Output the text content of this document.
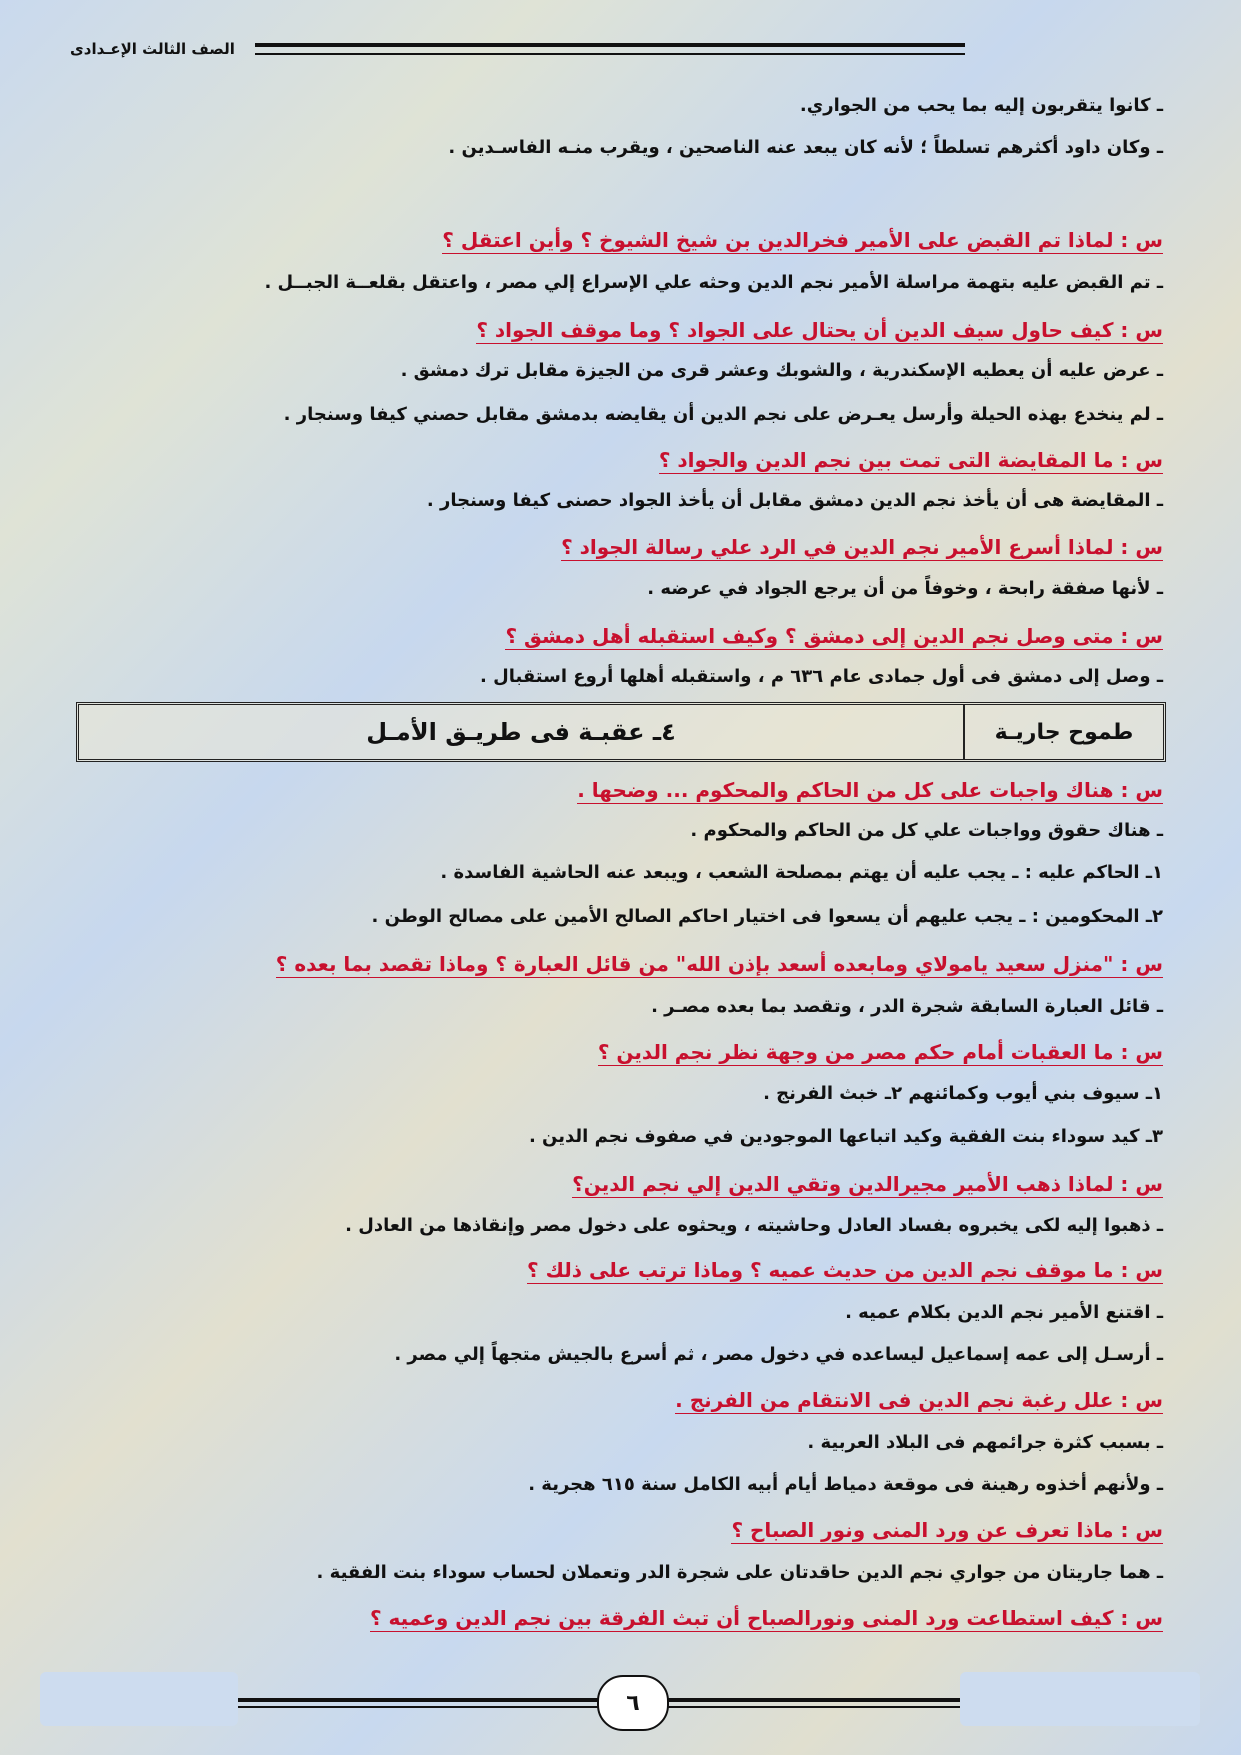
الصف الثالث الإعـدادى
ـ كانوا يتقربون إليه بما يحب من الجواري.
ـ وكان داود أكثرهم تسلطاً ؛ لأنه كان يبعد عنه الناصحين ، ويقرب منـه الفاسـدين .
س : لماذا تم القبض على الأمير فخرالدين بن شيخ الشيوخ ؟ وأين اعتقل ؟
ـ تم القبض عليه بتهمة مراسلة الأمير نجم الدين وحثه علي الإسراع إلي مصر ، واعتقل بقلعــة الجبــل .
س : كيف حاول سيف الدين أن يحتال على الجواد ؟ وما موقف الجواد ؟
ـ عرض عليه أن يعطيه الإسكندرية ، والشوبك وعشر قرى من الجيزة مقابل ترك دمشق .
ـ لم ينخدع بهذه الحيلة وأرسل يعـرض على نجم الدين أن يقايضه بدمشق مقابل حصني كيفا وسنجار .
س : ما المقايضة التى تمت بين نجم الدين والجواد ؟
ـ المقايضة هى أن يأخذ نجم الدين دمشق مقابل أن يأخذ الجواد حصنى كيفا وسنجار .
س : لماذا أسرع الأمير نجم الدين في الرد علي رسالة الجواد ؟
ـ لأنها صفقة رابحة ، وخوفاً من أن يرجع الجواد في عرضه .
س : متى وصل نجم الدين إلى دمشق ؟ وكيف استقبله أهل دمشق ؟
ـ وصل إلى دمشق فى أول جمادى عام ٦٣٦ م ، واستقبله أهلها أروع استقبال .
طموح جاريـة
٤ـ عقبـة فى طريـق الأمـل
س : هناك واجبات على كل من الحاكم والمحكوم ... وضحها .
ـ هناك حقوق وواجبات علي كل من الحاكم والمحكوم .
١ـ الحاكم عليه : ـ يجب عليه أن يهتم بمصلحة الشعب ، ويبعد عنه الحاشية الفاسدة .
٢ـ المحكومين : ـ يجب عليهم أن يسعوا فى اختيار احاكم الصالح الأمين على مصالح الوطن .
س : "منزل سعيد يامولاي ومابعده أسعد بإذن الله" من قائل العبارة ؟ وماذا تقصد بما بعده ؟
ـ قائل العبارة السابقة شجرة الدر ، وتقصد بما بعده مصـر .
س : ما العقبات أمام حكم مصر من وجهة نظر نجم الدين ؟
١ـ سيوف بني أيوب وكمائنهم ٢ـ خبث الفرنج .
٣ـ كيد سوداء بنت الفقية وكيد اتباعها الموجودين في صفوف نجم الدين .
س : لماذا ذهب الأمير مجيرالدين وتقي الدين إلي نجم الدين؟
ـ ذهبوا إليه لكى يخبروه بفساد العادل وحاشيته ، ويحثوه على دخول مصر وإنقاذها من العادل .
س : ما موقف نجم الدين من حديث عميه ؟ وماذا ترتب على ذلك ؟
ـ اقتنع الأمير نجم الدين بكلام عميه .
ـ أرسـل إلى عمه إسماعيل ليساعده في دخول مصر ، ثم أسرع بالجيش متجهاً إلي مصر .
س : علل رغبة نجم الدين فى الانتقام من الفرنج .
ـ بسبب كثرة جرائمهم فى البلاد العربية .
ـ ولأنهم أخذوه رهينة فى موقعة دمياط أيام أبيه الكامل سنة ٦١٥ هجرية .
س : ماذا تعرف عن ورد المنى ونور الصباح ؟
ـ هما جاريتان من جواري نجم الدين حاقدتان على شجرة الدر وتعملان لحساب سوداء بنت الفقية .
س : كيف استطاعت ورد المنى ونورالصباح أن تبث الفرقة بين نجم الدين وعميه ؟
٦
